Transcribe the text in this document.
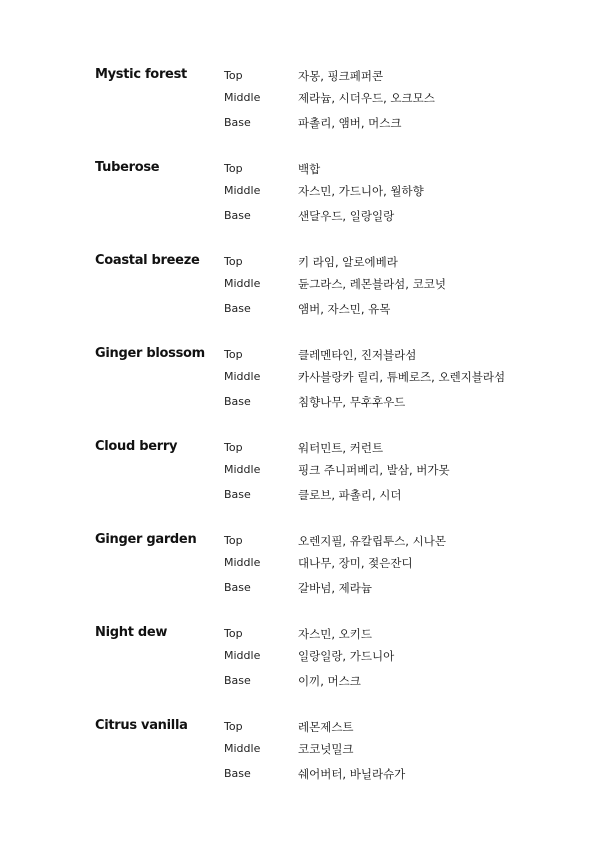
Mystic forest	Top	자몽, 핑크페퍼콘
Middle	제라늄, 시더우드, 오크모스
Base	파촐리, 앰버, 머스크
Tuberose	Top	백합
Middle	자스민, 가드니아, 월하향
Base	샌달우드, 일랑일랑
Coastal breeze Top	키 라임, 알로에베라
Middle	듄그라스, 레몬블라섬, 코코넛
Base	앰버, 자스민, 유목
Ginger blossom Top	클레멘타인, 진저블라섬
Middle	카사블랑카 릴리, 튜베로즈, 오렌지블라섬
Base	침향나무, 무후후우드
Cloud berry	Top	워터민트, 커런트
Middle	핑크 주니퍼베리, 발삼, 버가못
Base	클로브, 파촐리, 시더
Ginger garden	Top	오렌지필, 유칼립투스, 시나몬
Middle	대나무, 장미, 젖은잔디
Base	갈바넘, 제라늄
Night dew	Top	자스민, 오키드
Middle	일랑일랑, 가드니아
Base	이끼, 머스크
Citrus vanilla	Top	레몬제스트
Middle	코코넛밀크
Base	쉐어버터, 바닐라슈가
